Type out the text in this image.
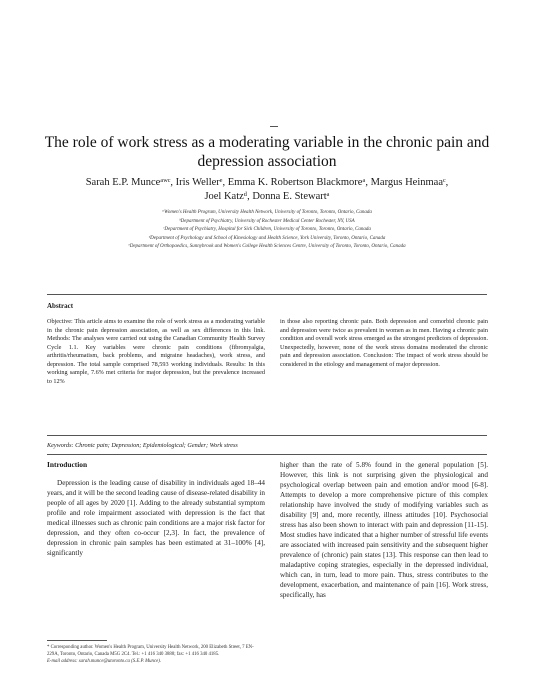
The role of work stress as a moderating variable in the chronic pain and depression association
Sarah E.P. Munceᵃʷᶜ, Iris Wellerᵉ, Emma K. Robertson Blackmoreᵃ, Margus Heinmaaᶜ,
Joel Katzᵈ, Donna E. Stewartᵃ
ᵃWomen's Health Program, University Health Network, University of Toronto, Toronto, Ontario, Canada
ᵇDepartment of Psychiatry, University of Rochester Medical Center Rochester, NY, USA
ᶜDepartment of Psychiatry, Hospital for Sick Children, University of Toronto, Toronto, Ontario, Canada
ᵈDepartment of Psychology and School of Kinesiology and Health Science, York University, Toronto, Ontario, Canada
ᵉDepartment of Orthopaedics, Sunnybrook and Women's College Health Sciences Centre, University of Toronto, Toronto, Ontario, Canada
Abstract

Objective: This article aims to examine the role of work stress as a moderating variable in the chronic pain depression association, as well as sex differences in this link. Methods: The analyses were carried out using the Canadian Community Health Survey Cycle 1.1. Key variables were chronic pain conditions (fibromyalgia, arthritis/rheumatism, back problems, and migraine headaches), work stress, and depression. The total sample comprised 78,593 working individuals. Results: In this working sample, 7.6% met criteria for major depression, but the prevalence increased to 12%

in those also reporting chronic pain. Both depression and comorbid chronic pain and depression were twice as prevalent in women as in men. Having a chronic pain condition and overall work stress emerged as the strongest predictors of depression. Unexpectedly, however, none of the work stress domains moderated the chronic pain and depression association. Conclusion: The impact of work stress should be considered in the etiology and management of major depression.

Keywords: Chronic pain; Depression; Epidemiological; Gender; Work stress
Introduction

Depression is the leading cause of disability in individuals aged 18–44 years, and it will be the second leading cause of disease-related disability in people of all ages by 2020 [1]. Adding to the already substantial symptom profile and role impairment associated with depression is the fact that medical illnesses such as chronic pain conditions are a major risk factor for depression, and they often co-occur [2,3]. In fact, the prevalence of depression in chronic pain samples has been estimated at 31–100% [4], significantly

* Corresponding author. Women's Health Program, University Health Network, 200 Elizabeth Street, 7 EN-229A, Toronto, Ontario, Canada M5G 2C4. Tel.: +1 416 340 3888; fax: +1 416 340 4185.

E-mail address: sarah.munce@utoronto.ca (S.E.P. Munce).

higher than the rate of 5.8% found in the general population [5]. However, this link is not surprising given the physiological and psychological overlap between pain and emotion and/or mood [6-8]. Attempts to develop a more comprehensive picture of this complex relationship have involved the study of modifying variables such as disability [9] and, more recently, illness attitudes [10]. Psychosocial stress has also been shown to interact with pain and depression [11-15]. Most studies have indicated that a higher number of stressful life events are associated with increased pain sensitivity and the subsequent higher prevalence of (chronic) pain states [13]. This response can then lead to maladaptive coping strategies, especially in the depressed individual, which can, in turn, lead to more pain. Thus, stress contributes to the development, exacerbation, and maintenance of pain [16]. Work stress, specifically, has
